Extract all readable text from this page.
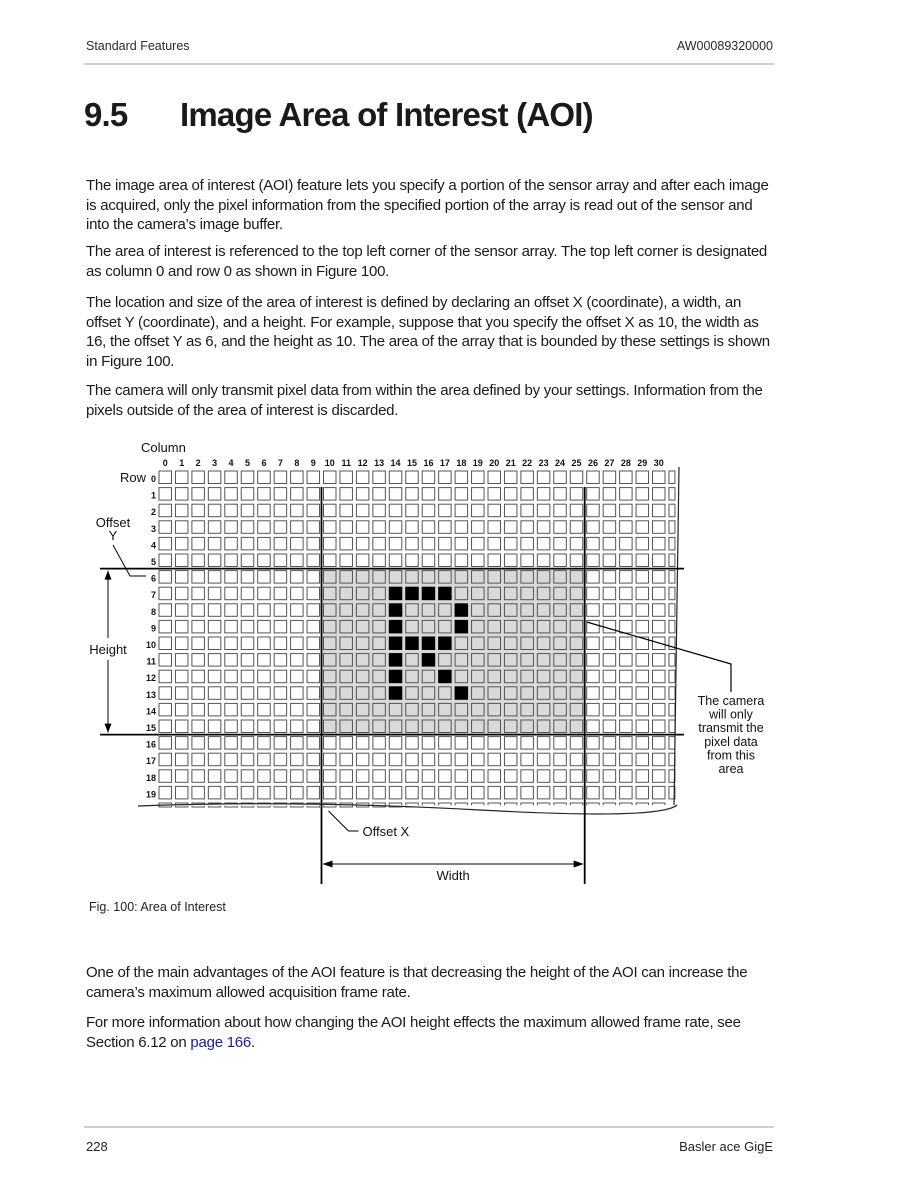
Standard Features	AW00089320000
9.5 Image Area of Interest (AOI)

The image area of interest (AOI) feature lets you specify a portion of the sensor array and after each image is acquired, only the pixel information from the specified portion of the array is read out of the sensor and into the camera’s image buffer.

The area of interest is referenced to the top left corner of the sensor array. The top left corner is designated as column 0 and row 0 as shown in Figure 100.

The location and size of the area of interest is defined by declaring an offset X (coordinate), a width, an offset Y (coordinate), and a height. For example, suppose that you specify the offset X as 10, the width as 16, the offset Y as 6, and the height as 10. The area of the array that is bounded by these settings is shown in Figure 100.

The camera will only transmit pixel data from within the area defined by your settings. Information from the pixels outside of the area of interest is discarded.

Column
0 1 2 3 4 5 6 7 8 9 10 11 12 13 14 15 16 17 18 19 20 21 22 23 24 25 26 27 28 29 30
Row 0
1
2
3
4
5
6
7
8
9
10
11
12
13
14
15
16
17
18
19
Offset
Y
Height
Offset X
Width
The camera
will only
transmit the
pixel data
from this
area
Fig. 100: Area of Interest

One of the main advantages of the AOI feature is that decreasing the height of the AOI can increase the camera’s maximum allowed acquisition frame rate.

For more information about how changing the AOI height effects the maximum allowed frame rate, see Section 6.12 on page 166.

228	Basler ace GigE
